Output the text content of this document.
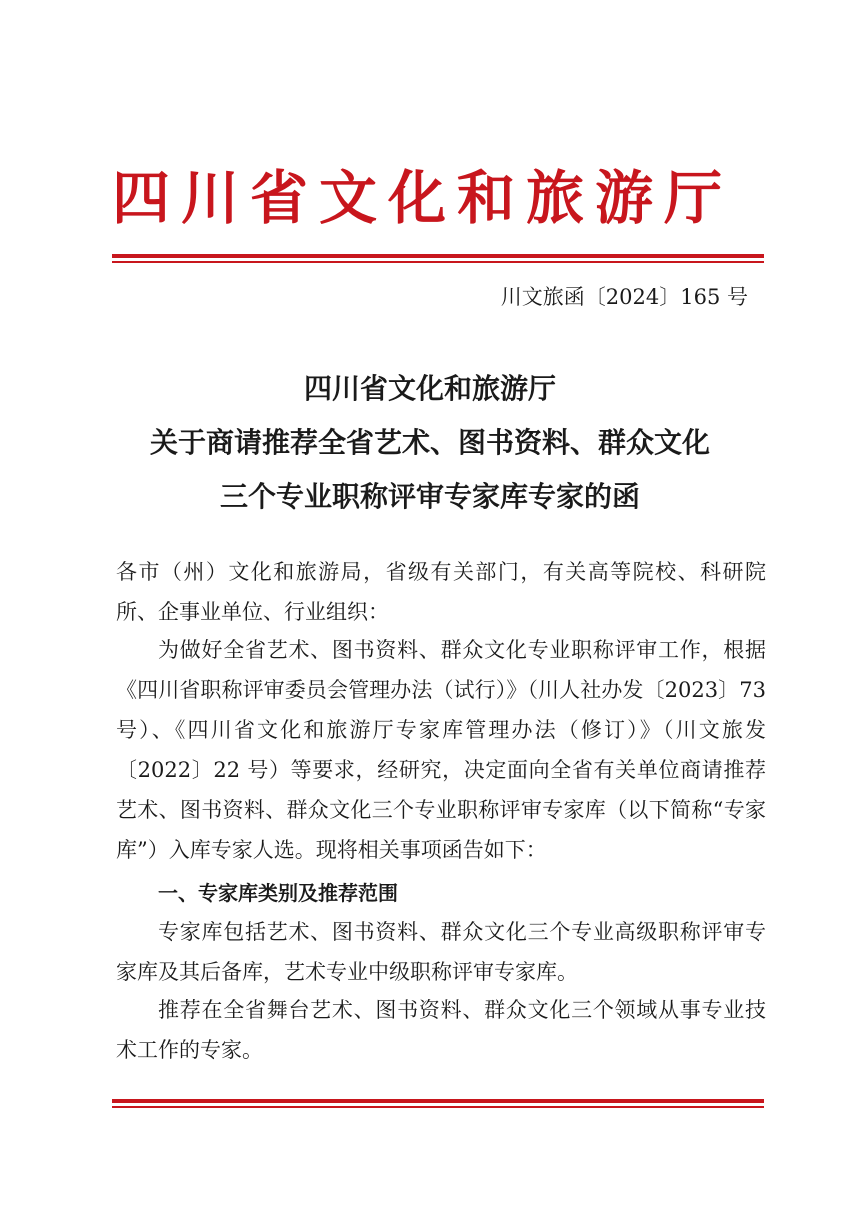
四川省文化和旅游厅
川文旅函〔2024〕165 号
四川省文化和旅游厅
关于商请推荐全省艺术、图书资料、群众文化
三个专业职称评审专家库专家的函

各市（州）文化和旅游局，省级有关部门，有关高等院校、科研院所、企事业单位、行业组织：

为做好全省艺术、图书资料、群众文化专业职称评审工作，根据《四川省职称评审委员会管理办法（试行）》（川人社办发〔2023〕73 号）、《四川省文化和旅游厅专家库管理办法（修订）》（川文旅发〔2022〕22 号）等要求，经研究，决定面向全省有关单位商请推荐艺术、图书资料、群众文化三个专业职称评审专家库（以下简称“专家库”）入库专家人选。现将相关事项函告如下：

一、专家库类别及推荐范围

专家库包括艺术、图书资料、群众文化三个专业高级职称评审专家库及其后备库，艺术专业中级职称评审专家库。

推荐在全省舞台艺术、图书资料、群众文化三个领域从事专业技术工作的专家。
